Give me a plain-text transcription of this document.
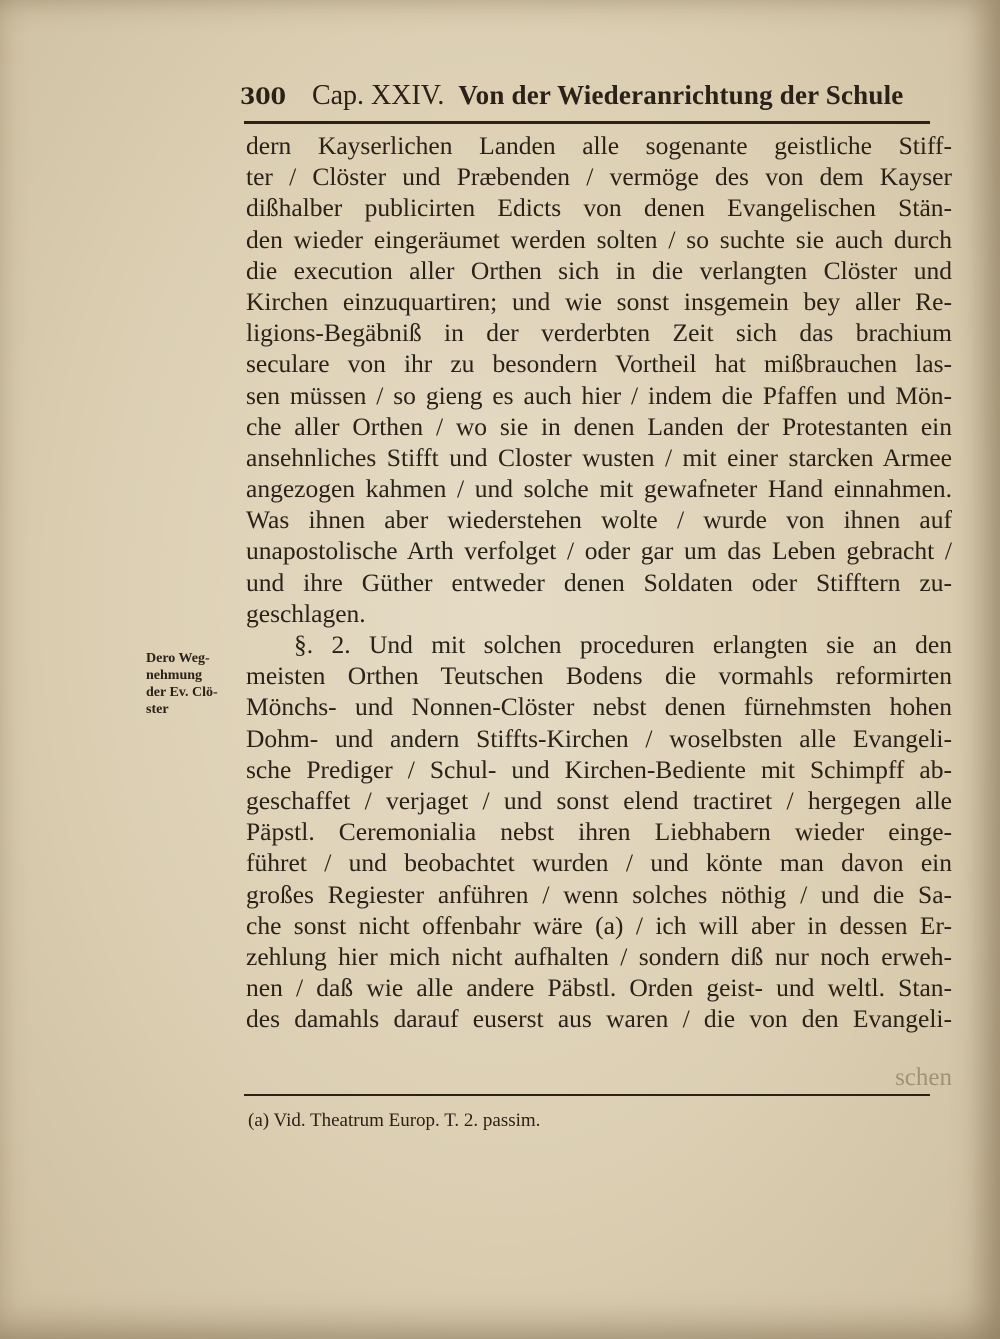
300 Cap. XXIV. Von der Wiederanrichtung der Schule
dern Kayserlichen Landen alle sogenante geistliche Stiff-
ter / Clöster und Præbenden / vermöge des von dem Kayser
dißhalber publicirten Edicts von denen Evangelischen Stän-
den wieder eingeräumet werden solten / so suchte sie auch durch
die execution aller Orthen sich in die verlangten Clöster und
Kirchen einzuquartiren; und wie sonst insgemein bey aller Re-
ligions-Begäbniß in der verderbten Zeit sich das brachium
seculare von ihr zu besondern Vortheil hat mißbrauchen las-
sen müssen / so gieng es auch hier / indem die Pfaffen und Mön-
che aller Orthen / wo sie in denen Landen der Protestanten ein
ansehnliches Stifft und Closter wusten / mit einer starcken Armee
angezogen kahmen / und solche mit gewafneter Hand einnahmen.
Was ihnen aber wiederstehen wolte / wurde von ihnen auf
unapostolische Arth verfolget / oder gar um das Leben gebracht /
und ihre Güther entweder denen Soldaten oder Stifftern zu-
geschlagen.
§. 2. Und mit solchen proceduren erlangten sie an den
meisten Orthen Teutschen Bodens die vormahls reformirten
Mönchs- und Nonnen-Clöster nebst denen fürnehmsten hohen
Dohm- und andern Stiffts-Kirchen / woselbsten alle Evangeli-
sche Prediger / Schul- und Kirchen-Bediente mit Schimpff ab-
geschaffet / verjaget / und sonst elend tractiret / hergegen alle
Päpstl. Ceremonialia nebst ihren Liebhabern wieder einge-
führet / und beobachtet wurden / und könte man davon ein
großes Regiester anführen / wenn solches nöthig / und die Sa-
che sonst nicht offenbahr wäre (a) / ich will aber in dessen Er-
zehlung hier mich nicht aufhalten / sondern diß nur noch erweh-
nen / daß wie alle andere Päbstl. Orden geist- und weltl. Stan-
des damahls darauf euserst aus waren / die von den Evangeli-
schen
Dero Weg-
nehmung
der Ev. Clö-
ster
(a) Vid. Theatrum Europ. T. 2. passim.
